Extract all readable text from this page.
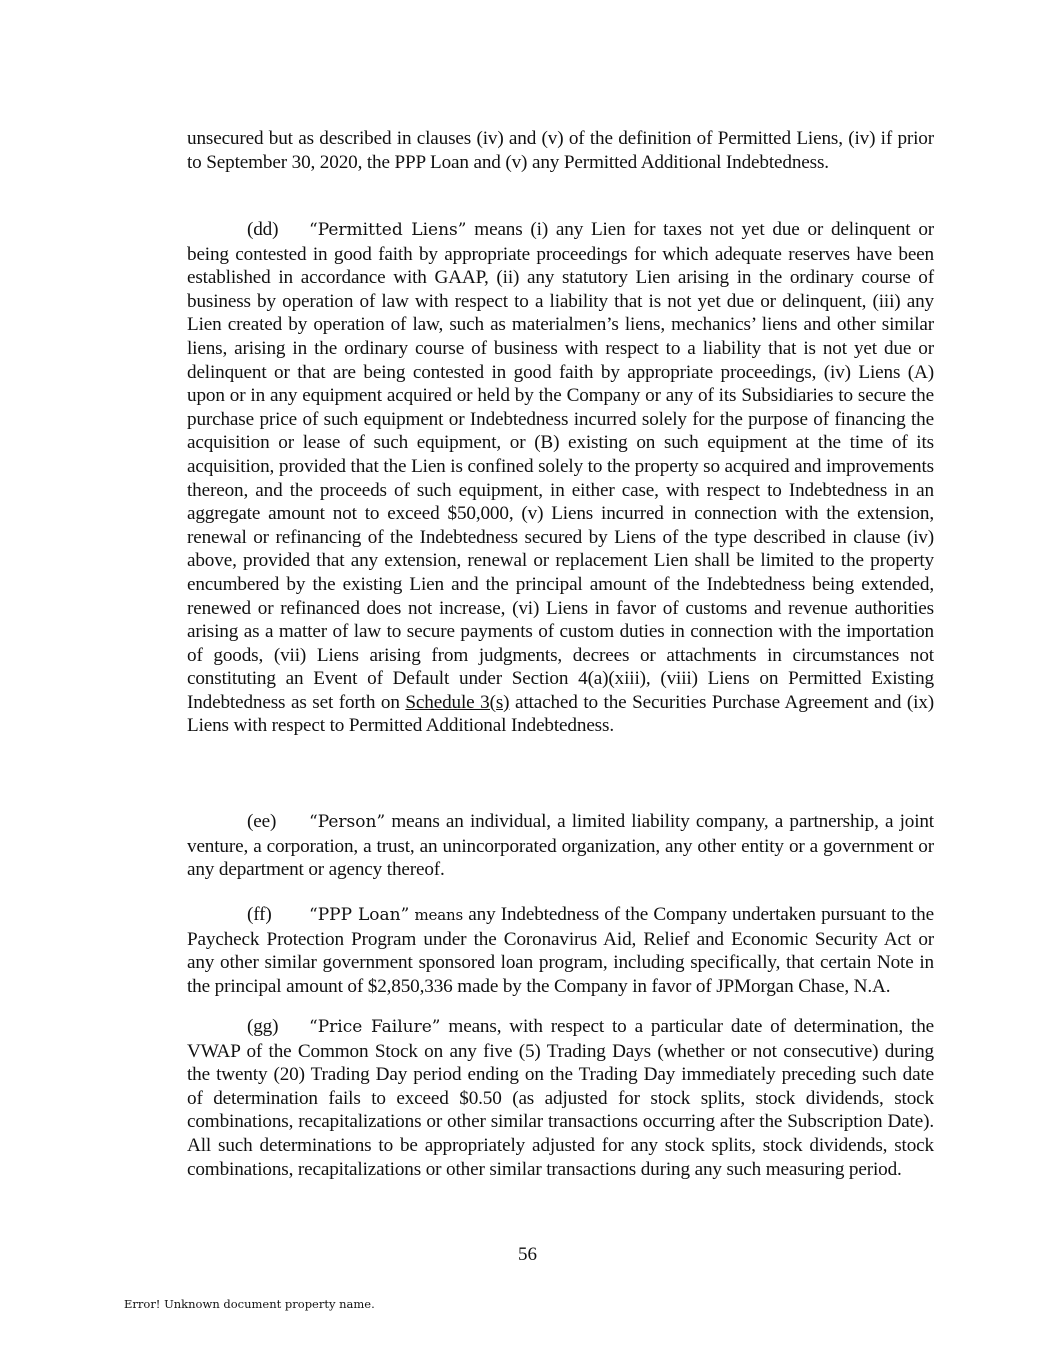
unsecured but as described in clauses (iv) and (v) of the definition of Permitted Liens, (iv) if prior to September 30, 2020, the PPP Loan and (v) any Permitted Additional Indebtedness.

(dd) “Permitted Liens” means (i) any Lien for taxes not yet due or delinquent or being contested in good faith by appropriate proceedings for which adequate reserves have been established in accordance with GAAP, (ii) any statutory Lien arising in the ordinary course of business by operation of law with respect to a liability that is not yet due or delinquent, (iii) any Lien created by operation of law, such as materialmen’s liens, mechanics’ liens and other similar liens, arising in the ordinary course of business with respect to a liability that is not yet due or delinquent or that are being contested in good faith by appropriate proceedings, (iv) Liens (A) upon or in any equipment acquired or held by the Company or any of its Subsidiaries to secure the purchase price of such equipment or Indebtedness incurred solely for the purpose of financing the acquisition or lease of such equipment, or (B) existing on such equipment at the time of its acquisition, provided that the Lien is confined solely to the property so acquired and improvements thereon, and the proceeds of such equipment, in either case, with respect to Indebtedness in an aggregate amount not to exceed $50,000, (v) Liens incurred in connection with the extension, renewal or refinancing of the Indebtedness secured by Liens of the type described in clause (iv) above, provided that any extension, renewal or replacement Lien shall be limited to the property encumbered by the existing Lien and the principal amount of the Indebtedness being extended, renewed or refinanced does not increase, (vi) Liens in favor of customs and revenue authorities arising as a matter of law to secure payments of custom duties in connection with the importation of goods, (vii) Liens arising from judgments, decrees or attachments in circumstances not constituting an Event of Default under Section 4(a)(xiii), (viii) Liens on Permitted Existing Indebtedness as set forth on Schedule 3(s) attached to the Securities Purchase Agreement and (ix) Liens with respect to Permitted Additional Indebtedness.

(ee) “Person” means an individual, a limited liability company, a partnership, a joint venture, a corporation, a trust, an unincorporated organization, any other entity or a government or any department or agency thereof.

(ff) “PPP Loan” means any Indebtedness of the Company undertaken pursuant to the Paycheck Protection Program under the Coronavirus Aid, Relief and Economic Security Act or any other similar government sponsored loan program, including specifically, that certain Note in the principal amount of $2,850,336 made by the Company in favor of JPMorgan Chase, N.A.

(gg) “Price Failure” means, with respect to a particular date of determination, the VWAP of the Common Stock on any five (5) Trading Days (whether or not consecutive) during the twenty (20) Trading Day period ending on the Trading Day immediately preceding such date of determination fails to exceed $0.50 (as adjusted for stock splits, stock dividends, stock combinations, recapitalizations or other similar transactions occurring after the Subscription Date). All such determinations to be appropriately adjusted for any stock splits, stock dividends, stock combinations, recapitalizations or other similar transactions during any such measuring period.

56

Error! Unknown document property name.
